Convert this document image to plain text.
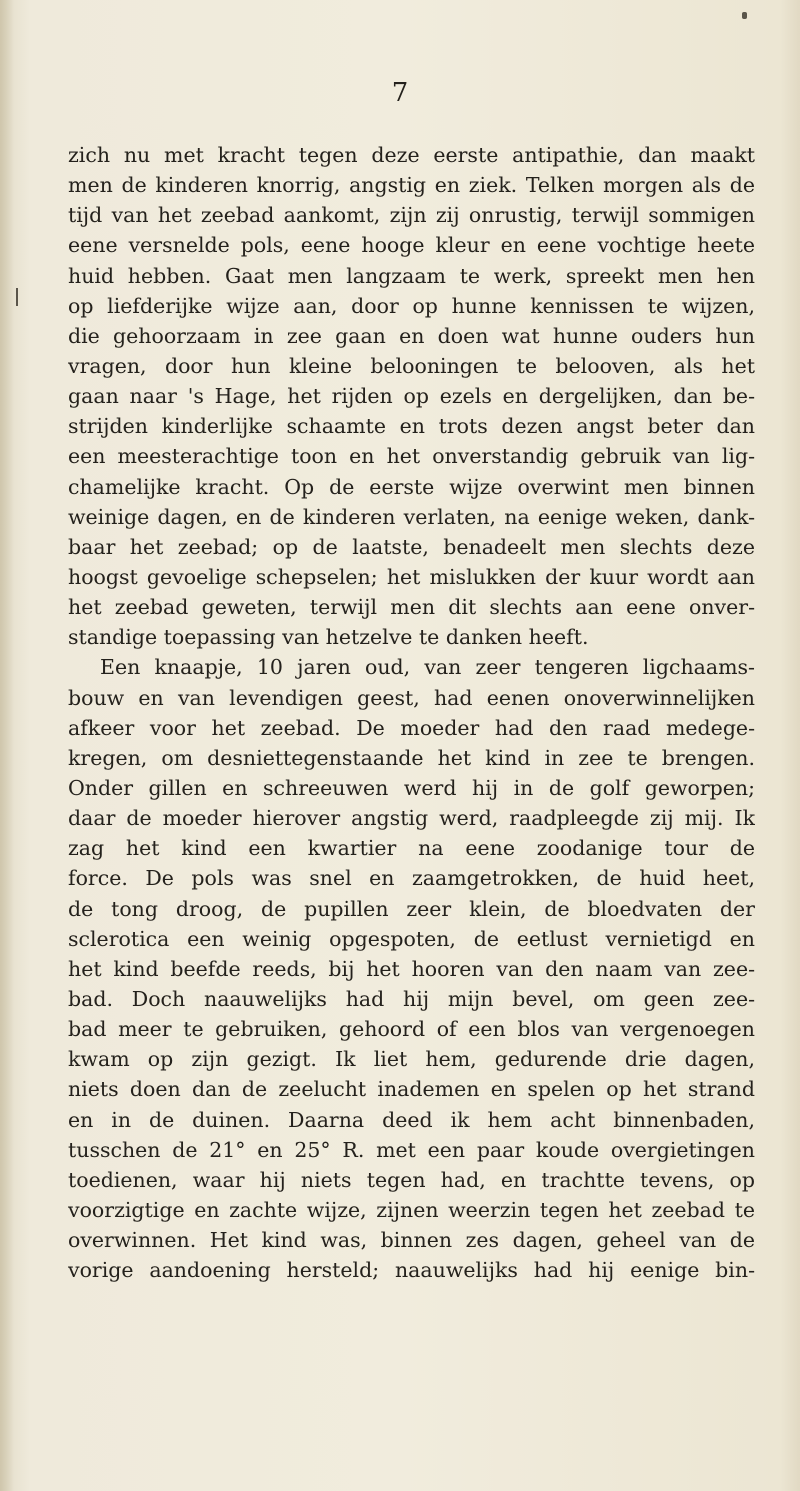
7
zich nu met kracht tegen deze eerste antipathie, dan maakt
men de kinderen knorrig, angstig en ziek. Telken morgen als de
tijd van het zeebad aankomt, zijn zij onrustig, terwijl sommigen
eene versnelde pols, eene hooge kleur en eene vochtige heete
huid hebben. Gaat men langzaam te werk, spreekt men hen
op liefderijke wijze aan, door op hunne kennissen te wijzen,
die gehoorzaam in zee gaan en doen wat hunne ouders hun
vragen, door hun kleine belooningen te belooven, als het
gaan naar 's Hage, het rijden op ezels en dergelijken, dan be-
strijden kinderlijke schaamte en trots dezen angst beter dan
een meesterachtige toon en het onverstandig gebruik van lig-
chamelijke kracht. Op de eerste wijze overwint men binnen
weinige dagen, en de kinderen verlaten, na eenige weken, dank-
baar het zeebad; op de laatste, benadeelt men slechts deze
hoogst gevoelige schepselen; het mislukken der kuur wordt aan
het zeebad geweten, terwijl men dit slechts aan eene onver-
standige toepassing van hetzelve te danken heeft.
Een knaapje, 10 jaren oud, van zeer tengeren ligchaams-
bouw en van levendigen geest, had eenen onoverwinnelijken
afkeer voor het zeebad. De moeder had den raad medege-
kregen, om desniettegenstaande het kind in zee te brengen.
Onder gillen en schreeuwen werd hij in de golf geworpen;
daar de moeder hierover angstig werd, raadpleegde zij mij. Ik
zag het kind een kwartier na eene zoodanige tour de
force. De pols was snel en zaamgetrokken, de huid heet,
de tong droog, de pupillen zeer klein, de bloedvaten der
sclerotica een weinig opgespoten, de eetlust vernietigd en
het kind beefde reeds, bij het hooren van den naam van zee-
bad. Doch naauwelijks had hij mijn bevel, om geen zee-
bad meer te gebruiken, gehoord of een blos van vergenoegen
kwam op zijn gezigt. Ik liet hem, gedurende drie dagen,
niets doen dan de zeelucht inademen en spelen op het strand
en in de duinen. Daarna deed ik hem acht binnenbaden,
tusschen de 21° en 25° R. met een paar koude overgietingen
toedienen, waar hij niets tegen had, en trachtte tevens, op
voorzigtige en zachte wijze, zijnen weerzin tegen het zeebad te
overwinnen. Het kind was, binnen zes dagen, geheel van de
vorige aandoening hersteld; naauwelijks had hij eenige bin-
